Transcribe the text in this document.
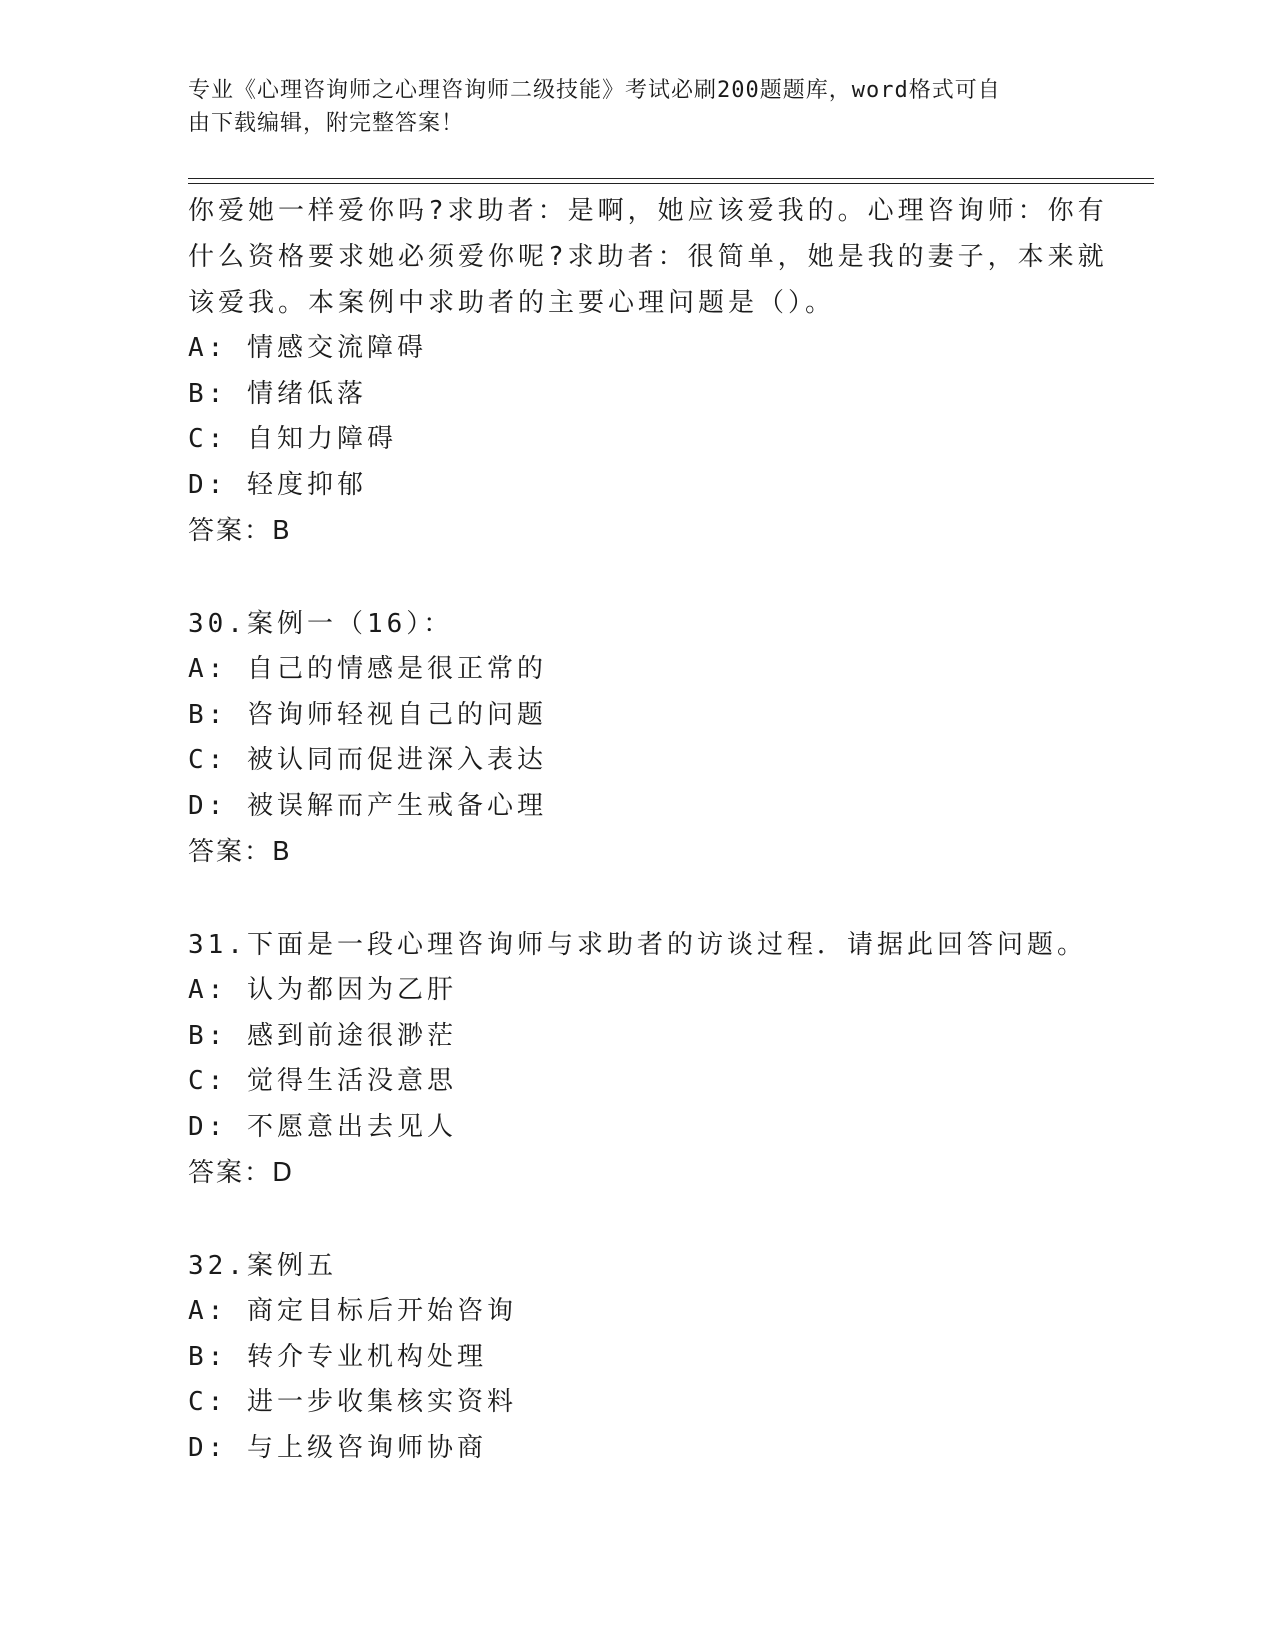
专业《心理咨询师之心理咨询师二级技能》考试必刷200题题库，word格式可自
由下载编辑，附完整答案！
你爱她一样爱你吗?求助者：是啊，她应该爱我的。心理咨询师：你有
什么资格要求她必须爱你呢?求助者：很简单，她是我的妻子，本来就
该爱我。本案例中求助者的主要心理问题是（）。
A: 情感交流障碍
B: 情绪低落
C: 自知力障碍
D: 轻度抑郁
答案：B
30.案例一（16）：
A: 自己的情感是很正常的
B: 咨询师轻视自己的问题
C: 被认同而促进深入表达
D: 被误解而产生戒备心理
答案：B
31.下面是一段心理咨询师与求助者的访谈过程．请据此回答问题。
A: 认为都因为乙肝
B: 感到前途很渺茫
C: 觉得生活没意思
D: 不愿意出去见人
答案：D
32.案例五
A: 商定目标后开始咨询
B: 转介专业机构处理
C: 进一步收集核实资料
D: 与上级咨询师协商
